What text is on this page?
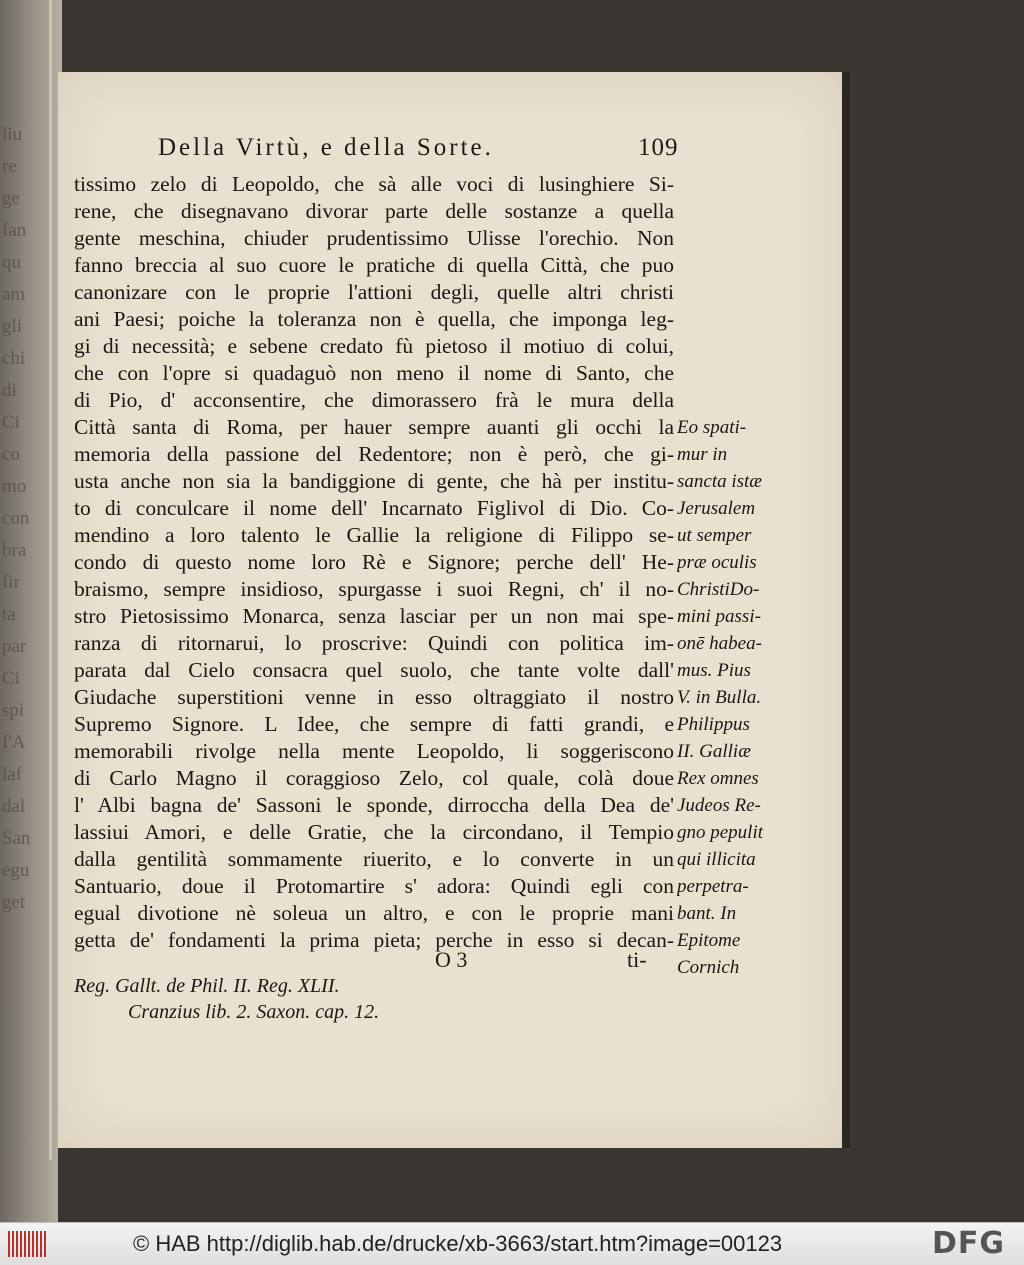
liu
re
ge
fan
qu
am
gli
chi
di
Ci
co
mo
con
bra
fir
ta
par
Ci
spi
I'A
laf
dal
San
egu
get
Della Virtù, e della Sorte.	109
tissimo zelo di Leopoldo, che sà alle voci di lusinghiere Si-
rene, che disegnavano divorar parte delle sostanze a quella
gente meschina, chiuder prudentissimo Ulisse l'orechio. Non
fanno breccia al suo cuore le pratiche di quella Città, che puo
canonizare con le proprie l'attioni degli, quelle altri christi
ani Paesi; poiche la toleranza non è quella, che imponga leg-
gi di necessità; e sebene credato fù pietoso il motiuo di colui,
che con l'opre si quadaguò non meno il nome di Santo, che
di Pio, d' acconsentire, che dimorassero frà le mura della
Città santa di Roma, per hauer sempre auanti gli occhi la
memoria della passione del Redentore; non è però, che gi-
usta anche non sia la bandiggione di gente, che hà per institu-
to di conculcare il nome dell' Incarnato Figlivol di Dio. Co-
mendino a loro talento le Gallie la religione di Filippo se-
condo di questo nome loro Rè e Signore; perche dell' He-
braismo, sempre insidioso, spurgasse i suoi Regni, ch' il no-
stro Pietosissimo Monarca, senza lasciar per un non mai spe-
ranza di ritornarui, lo proscrive: Quindi con politica im-
parata dal Cielo consacra quel suolo, che tante volte dall'
Giudache superstitioni venne in esso oltraggiato il nostro
Supremo Signore. L Idee, che sempre di fatti grandi, e
memorabili rivolge nella mente Leopoldo, li soggeriscono
di Carlo Magno il coraggioso Zelo, col quale, colà doue
l' Albi bagna de' Sassoni le sponde, dirroccha della Dea de'
lassiui Amori, e delle Gratie, che la circondano, il Tempio
dalla gentilità sommamente riuerito, e lo converte in un
Santuario, doue il Protomartire s' adora: Quindi egli con
egual divotione nè soleua un altro, e con le proprie mani
getta de' fondamenti la prima pieta; perche in esso si decan-
Eo spati-
mur in
sancta istæ
Jerusalem
ut semper
præ oculis
ChristiDo-
mini passi-
onē habea-
mus. Pius
V. in Bulla.
Philippus
II. Galliæ
Rex omnes
Judeos Re-
gno pepulit
qui illicita
perpetra-
bant. In
Epitome
Cornich
O 3	ti-
Reg. Gallt. de Phil. II. Reg. XLII.
Cranzius lib. 2. Saxon. cap. 12.
© HAB http://diglib.hab.de/drucke/xb-3663/start.htm?image=00123	DFG
